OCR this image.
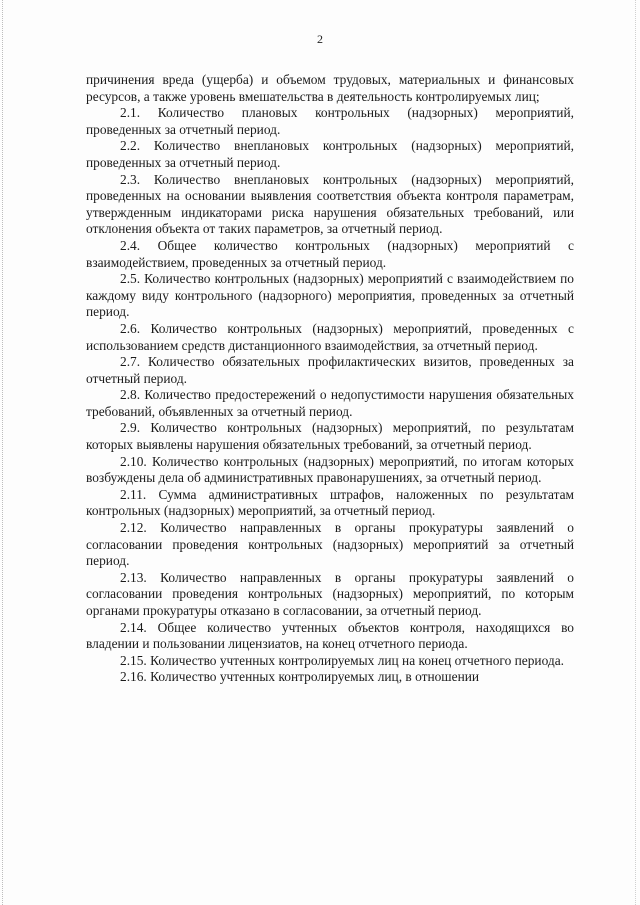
2

причинения вреда (ущерба) и объемом трудовых, материальных и финансовых ресурсов, а также уровень вмешательства в деятельность контролируемых лиц;

2.1. Количество плановых контрольных (надзорных) мероприятий, проведенных за отчетный период.

2.2. Количество внеплановых контрольных (надзорных) мероприятий, проведенных за отчетный период.

2.3. Количество внеплановых контрольных (надзорных) мероприятий, проведенных на основании выявления соответствия объекта контроля параметрам, утвержденным индикаторами риска нарушения обязательных требований, или отклонения объекта от таких параметров, за отчетный период.

2.4. Общее количество контрольных (надзорных) мероприятий с взаимодействием, проведенных за отчетный период.

2.5. Количество контрольных (надзорных) мероприятий с взаимодействием по каждому виду контрольного (надзорного) мероприятия, проведенных за отчетный период.

2.6. Количество контрольных (надзорных) мероприятий, проведенных с использованием средств дистанционного взаимодействия, за отчетный период.

2.7. Количество обязательных профилактических визитов, проведенных за отчетный период.

2.8. Количество предостережений о недопустимости нарушения обязательных требований, объявленных за отчетный период.

2.9. Количество контрольных (надзорных) мероприятий, по результатам которых выявлены нарушения обязательных требований, за отчетный период.

2.10. Количество контрольных (надзорных) мероприятий, по итогам которых возбуждены дела об административных правонарушениях, за отчетный период.

2.11. Сумма административных штрафов, наложенных по результатам контрольных (надзорных) мероприятий, за отчетный период.

2.12. Количество направленных в органы прокуратуры заявлений о согласовании проведения контрольных (надзорных) мероприятий за отчетный период.

2.13. Количество направленных в органы прокуратуры заявлений о согласовании проведения контрольных (надзорных) мероприятий, по которым органами прокуратуры отказано в согласовании, за отчетный период.

2.14. Общее количество учтенных объектов контроля, находящихся во владении и пользовании лицензиатов, на конец отчетного периода.

2.15. Количество учтенных контролируемых лиц на конец отчетного периода.

2.16. Количество учтенных контролируемых лиц, в отношении
